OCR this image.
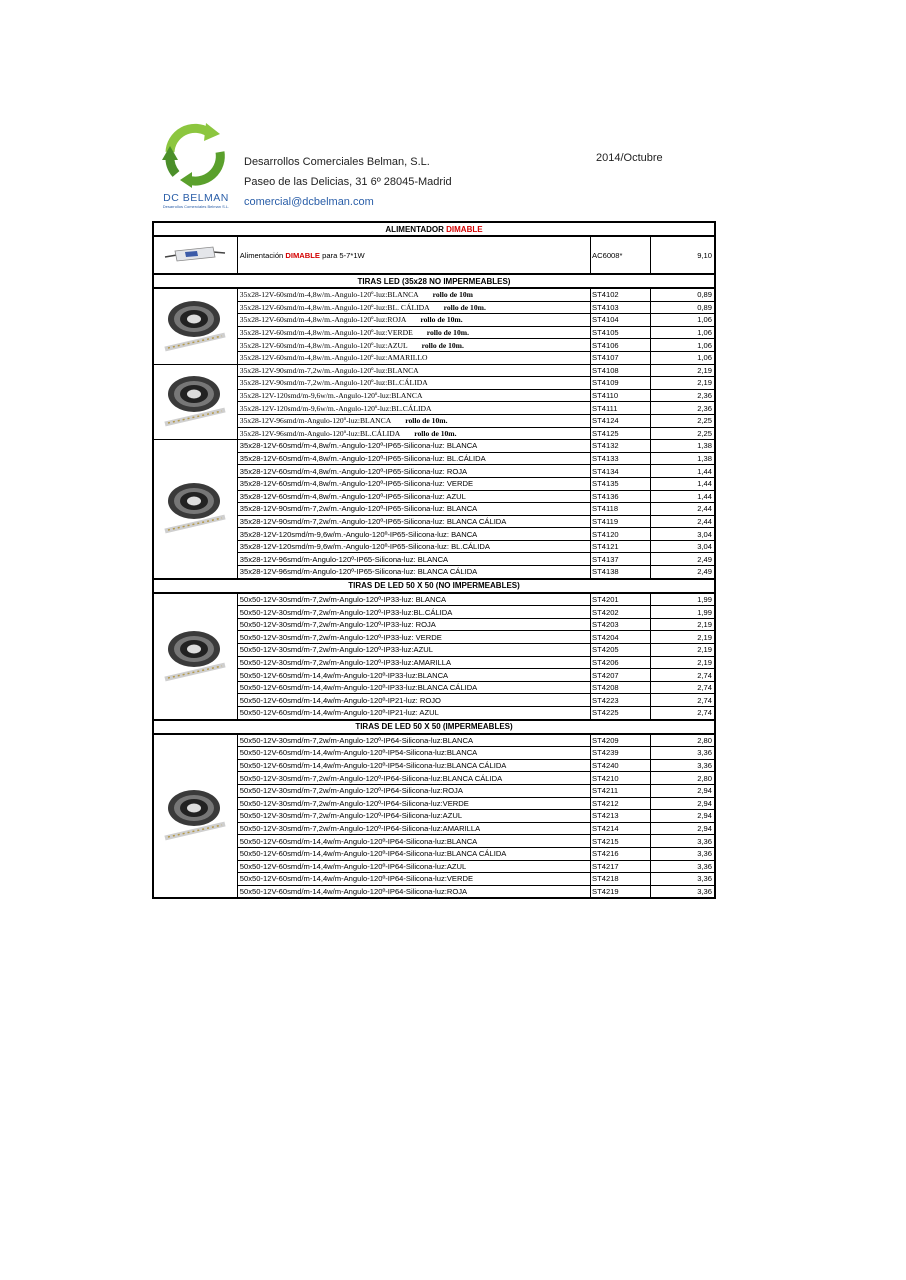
DC BELMAN
Desarrollos Comerciales Belman S.L.
Desarrollos Comerciales Belman, S.L.
Paseo de las Delicias, 31 6º 28045-Madrid
comercial@dcbelman.com
2014/Octubre
ALIMENTADOR DIMABLE			
	Alimentación DIMABLE para 5-7*1W	AC6008*	9,10
TIRAS LED (35x28 NO IMPERMEABLES)			
	35x28-12V-60smd/m-4,8w/m.-Angulo-120º-luz:BLANCA rollo de 10m	ST4102	0,89
	35x28-12V-60smd/m-4,8w/m.-Angulo-120º-luz:BL. CÁLIDA rollo de 10m.	ST4103	0,89
	35x28-12V-60smd/m-4,8w/m.-Angulo-120º-luz:ROJA rollo de 10m.	ST4104	1,06
	35x28-12V-60smd/m-4,8w/m.-Angulo-120º-luz:VERDE rollo de 10m.	ST4105	1,06
	35x28-12V-60smd/m-4,8w/m.-Angulo-120º-luz:AZUL rollo de 10m.	ST4106	1,06
	35x28-12V-60smd/m-4,8w/m.-Angulo-120º-luz:AMARILLO	ST4107	1,06
	35x28-12V-90smd/m-7,2w/m.-Angulo-120º-luz:BLANCA	ST4108	2,19
	35x28-12V-90smd/m-7,2w/m.-Angulo-120º-luz:BL.CÁLIDA	ST4109	2,19
	35x28-12V-120smd/m-9,6w/m.-Angulo-120º-luz:BLANCA	ST4110	2,36
	35x28-12V-120smd/m-9,6w/m.-Angulo-120º-luz:BL.CÁLIDA	ST4111	2,36
	35x28-12V-96smd/m-Angulo-120º-luz:BLANCA rollo de 10m.	ST4124	2,25
	35x28-12V-96smd/m-Angulo-120º-luz:BL.CÁLIDA rollo de 10m.	ST4125	2,25
	35x28-12V-60smd/m-4,8w/m.-Angulo-120º-IP65-Silicona-luz: BLANCA	ST4132	1,38
	35x28-12V-60smd/m-4,8w/m.-Angulo-120º-IP65-Silicona-luz: BL.CÁLIDA	ST4133	1,38
	35x28-12V-60smd/m-4,8w/m.-Angulo-120º-IP65-Silicona-luz: ROJA	ST4134	1,44
	35x28-12V-60smd/m-4,8w/m.-Angulo-120º-IP65-Silicona-luz: VERDE	ST4135	1,44
	35x28-12V-60smd/m-4,8w/m.-Angulo-120º-IP65-Silicona-luz: AZUL	ST4136	1,44
	35x28-12V-90smd/m-7,2w/m.-Angulo-120º-IP65-Silicona-luz: BLANCA	ST4118	2,44
	35x28-12V-90smd/m-7,2w/m.-Angulo-120º-IP65-Silicona-luz: BLANCA CÁLIDA	ST4119	2,44
	35x28-12V-120smd/m-9,6w/m.-Angulo-120º-IP65-Silicona-luz: BANCA	ST4120	3,04
	35x28-12V-120smd/m-9,6w/m.-Angulo-120º-IP65-Silicona-luz: BL.CÁLIDA	ST4121	3,04
	35x28-12V-96smd/m-Angulo-120º-IP65-Silicona-luz: BLANCA	ST4137	2,49
	35x28-12V-96smd/m-Angulo-120º-IP65-Silicona-luz: BLANCA CÁLIDA	ST4138	2,49
TIRAS DE LED 50 X 50 (NO IMPERMEABLES)			
	50x50-12V-30smd/m-7,2w/m-Angulo-120º-IP33-luz: BLANCA	ST4201	1,99
	50x50-12V-30smd/m-7,2w/m-Angulo-120º-IP33-luz:BL.CÁLIDA	ST4202	1,99
	50x50-12V-30smd/m-7,2w/m-Angulo-120º-IP33-luz: ROJA	ST4203	2,19
	50x50-12V-30smd/m-7,2w/m-Angulo-120º-IP33-luz: VERDE	ST4204	2,19
	50x50-12V-30smd/m-7,2w/m-Angulo-120º-IP33-luz:AZUL	ST4205	2,19
	50x50-12V-30smd/m-7,2w/m-Angulo-120º-IP33-luz:AMARILLA	ST4206	2,19
	50x50-12V-60smd/m-14,4w/m-Angulo-120º-IP33-luz:BLANCA	ST4207	2,74
	50x50-12V-60smd/m-14,4w/m-Angulo-120º-IP33-luz:BLANCA CÁLIDA	ST4208	2,74
	50x50-12V-60smd/m-14,4w/m-Angulo-120º-IP21-luz: ROJO	ST4223	2,74
	50x50-12V-60smd/m-14,4w/m-Angulo-120º-IP21-luz: AZUL	ST4225	2,74
TIRAS DE LED 50 X 50 (IMPERMEABLES)			
	50x50-12V-30smd/m-7,2w/m-Angulo-120º-IP64-Silicona-luz:BLANCA	ST4209	2,80
	50x50-12V-60smd/m-14,4w/m-Angulo-120º-IP54-Silicona-luz:BLANCA	ST4239	3,36
	50x50-12V-60smd/m-14,4w/m-Angulo-120º-IP54-Silicona-luz:BLANCA CÁLIDA	ST4240	3,36
	50x50-12V-30smd/m-7,2w/m-Angulo-120º-IP64-Silicona-luz:BLANCA CÁLIDA	ST4210	2,80
	50x50-12V-30smd/m-7,2w/m-Angulo-120º-IP64-Silicona-luz:ROJA	ST4211	2,94
	50x50-12V-30smd/m-7,2w/m-Angulo-120º-IP64-Silicona-luz:VERDE	ST4212	2,94
	50x50-12V-30smd/m-7,2w/m-Angulo-120º-IP64-Silicona-luz:AZUL	ST4213	2,94
	50x50-12V-30smd/m-7,2w/m-Angulo-120º-IP64-Silicona-luz:AMARILLA	ST4214	2,94
	50x50-12V-60smd/m-14,4w/m-Angulo-120º-IP64-Silicona-luz:BLANCA	ST4215	3,36
	50x50-12V-60smd/m-14,4w/m-Angulo-120º-IP64-Silicona-luz:BLANCA CÁLIDA	ST4216	3,36
	50x50-12V-60smd/m-14,4w/m-Angulo-120º-IP64-Silicona-luz:AZUL	ST4217	3,36
	50x50-12V-60smd/m-14,4w/m-Angulo-120º-IP64-Silicona-luz:VERDE	ST4218	3,36
	50x50-12V-60smd/m-14,4w/m-Angulo-120º-IP64-Silicona-luz:ROJA	ST4219	3,36
